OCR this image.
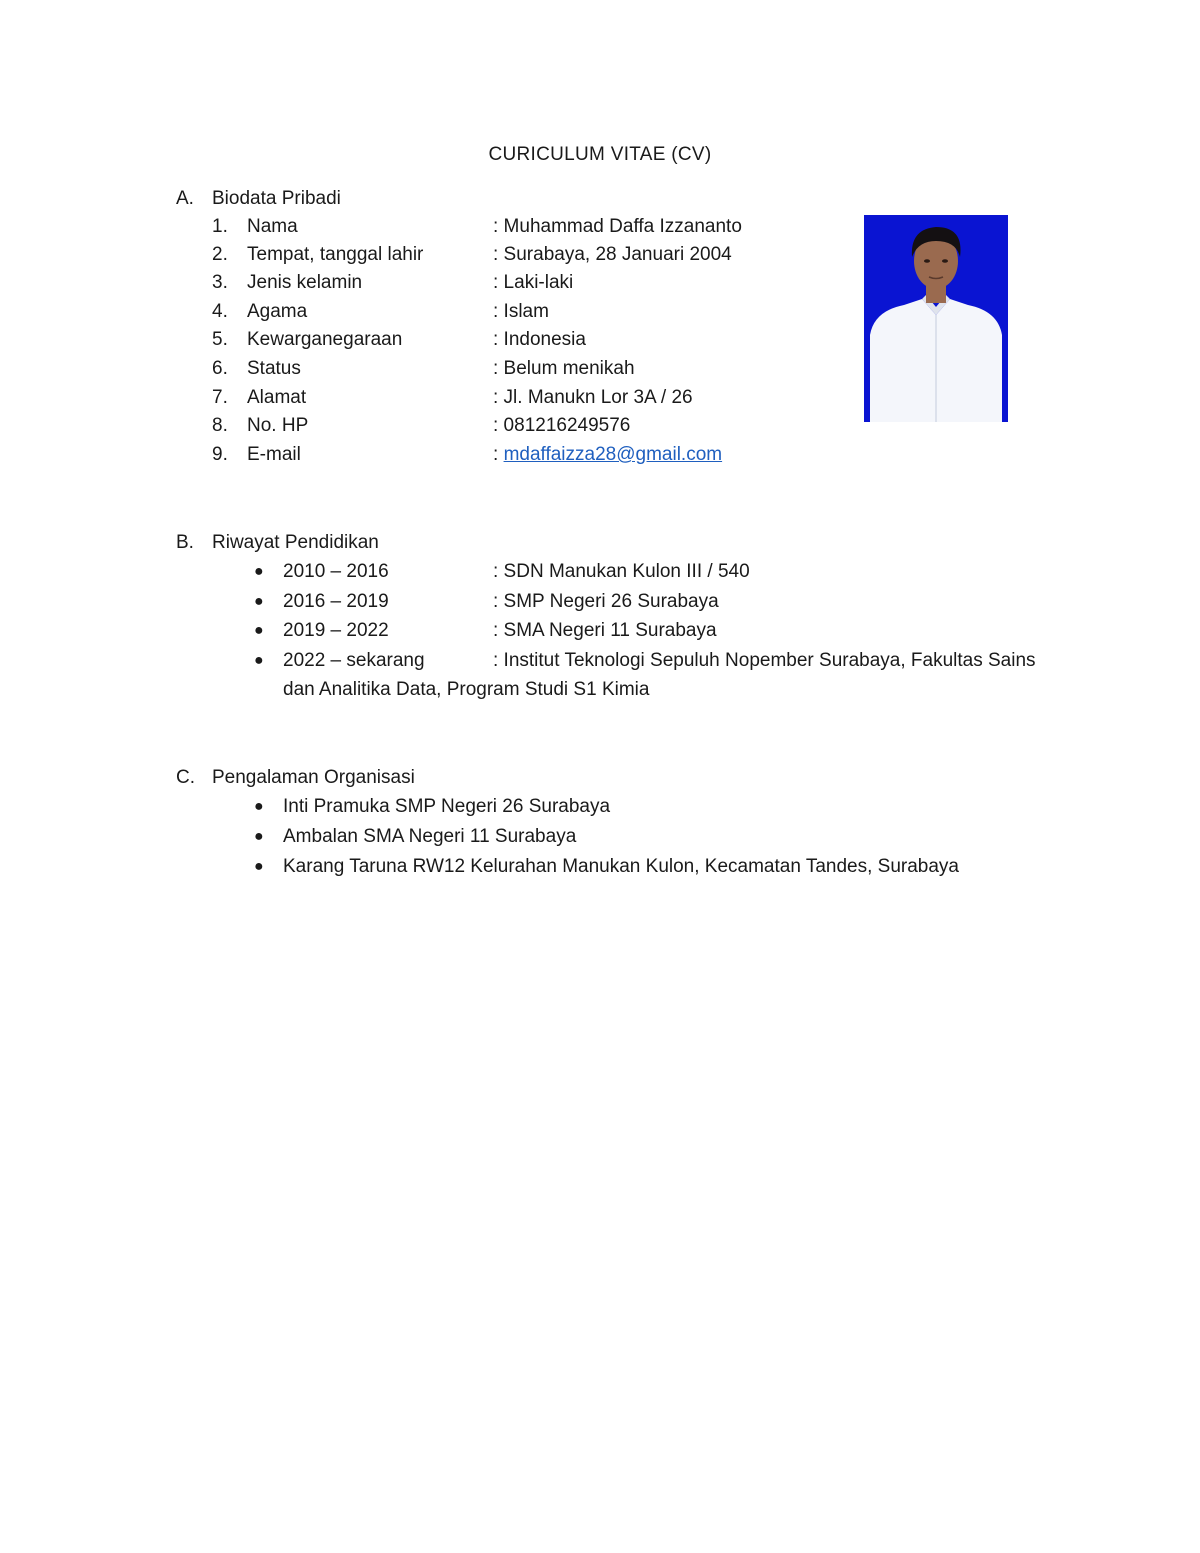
CURICULUM VITAE (CV)
A. Biodata Pribadi
1.	Nama	: Muhammad Daffa Izzananto
2.	Tempat, tanggal lahir	: Surabaya, 28 Januari 2004
3.	Jenis kelamin	: Laki-laki
4.	Agama	: Islam
5.	Kewarganegaraan	: Indonesia
6.	Status	: Belum menikah
7.	Alamat	: Jl. Manukn Lor 3A / 26
8.	No. HP	: 081216249576
9.	E-mail	: mdaffaizza28@gmail.com
B. Riwayat Pendidikan
● 2010 – 2016	: SDN Manukan Kulon III / 540
● 2016 – 2019	: SMP Negeri 26 Surabaya
● 2019 – 2022	: SMA Negeri 11 Surabaya
● 2022 – sekarang	: Institut Teknologi Sepuluh Nopember Surabaya, Fakultas Sains
dan Analitika Data, Program Studi S1 Kimia
C. Pengalaman Organisasi
● Inti Pramuka SMP Negeri 26 Surabaya
● Ambalan SMA Negeri 11 Surabaya
● Karang Taruna RW12 Kelurahan Manukan Kulon, Kecamatan Tandes, Surabaya
